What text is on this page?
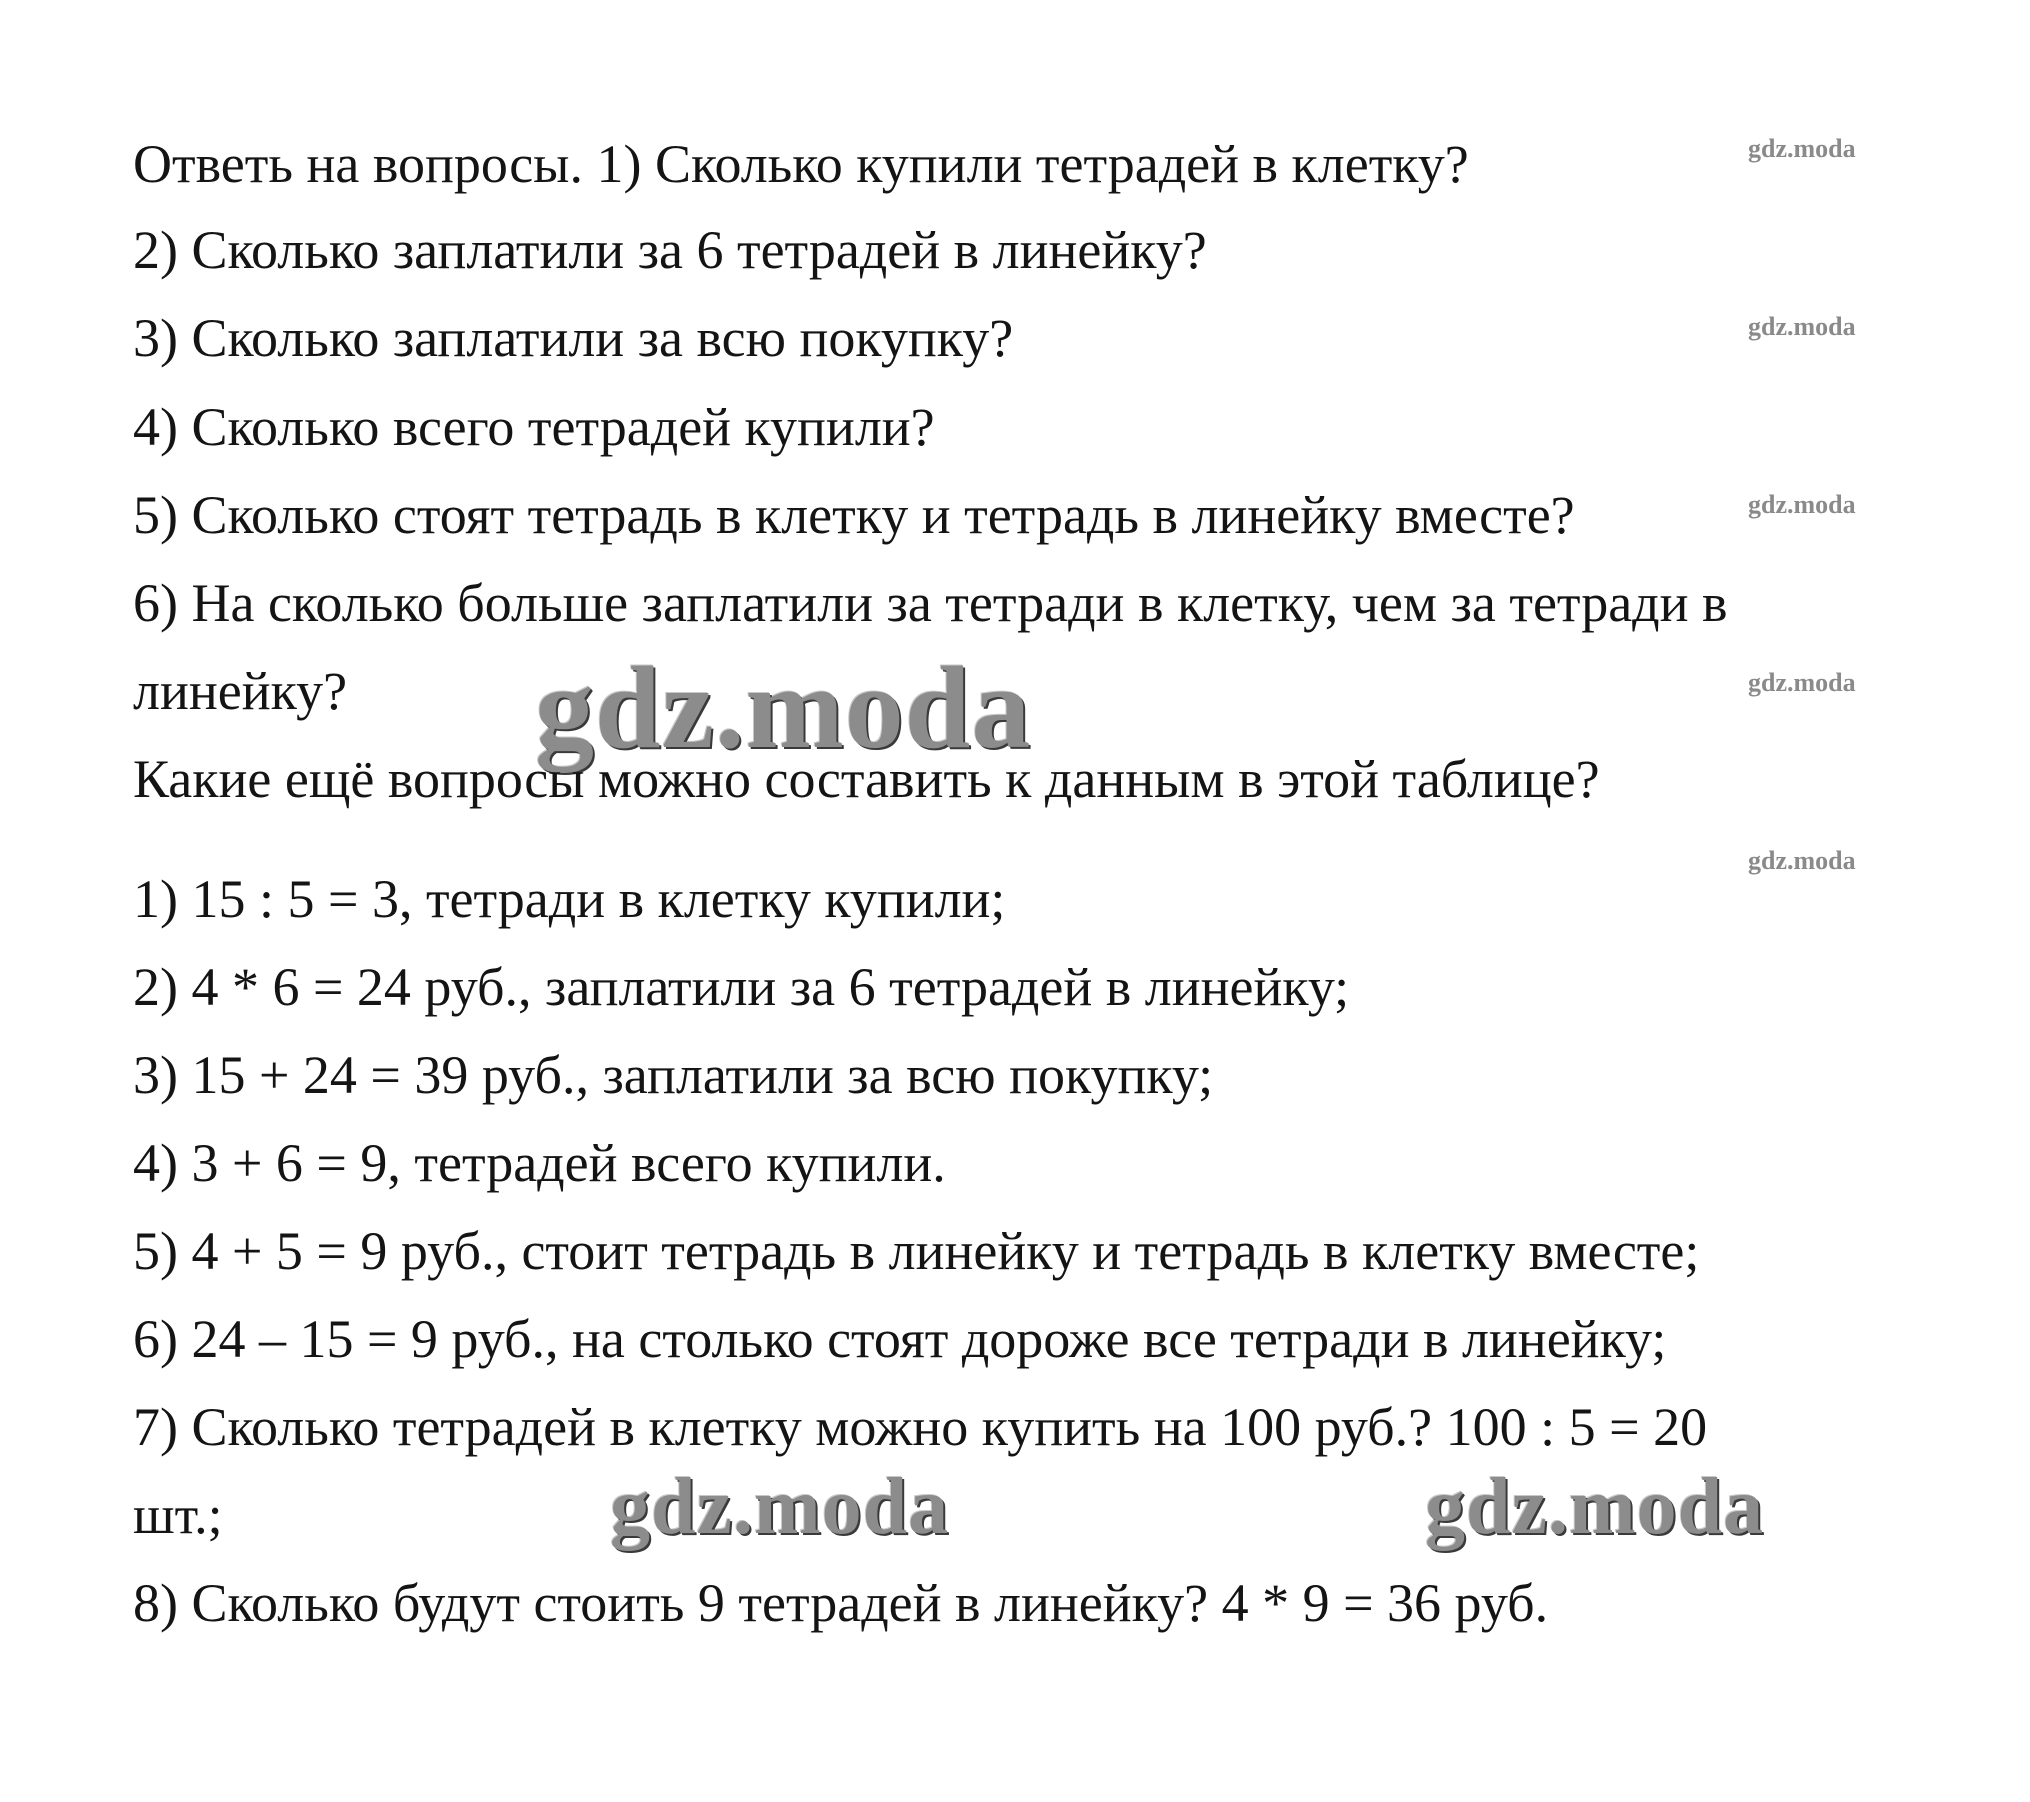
gdz.moda
gdz.moda
gdz.moda
gdz.moda
gdz.moda
gdz.moda
gdz.moda	gdz.moda
Ответь на вопросы. 1) Сколько купили тетрадей в клетку?
2) Сколько заплатили за 6 тетрадей в линейку?
3) Сколько заплатили за всю покупку?
4) Сколько всего тетрадей купили?
5) Сколько стоят тетрадь в клетку и тетрадь в линейку вместе?
6) На сколько больше заплатили за тетради в клетку, чем за тетради в
линейку?
Какие ещё вопросы можно составить к данным в этой таблице?
1) 15 : 5 = 3, тетради в клетку купили;
2) 4 * 6 = 24 руб., заплатили за 6 тетрадей в линейку;
3) 15 + 24 = 39 руб., заплатили за всю покупку;
4) 3 + 6 = 9, тетрадей всего купили.
5) 4 + 5 = 9 руб., стоит тетрадь в линейку и тетрадь в клетку вместе;
6) 24 – 15 = 9 руб., на столько стоят дороже все тетради в линейку;
7) Сколько тетрадей в клетку можно купить на 100 руб.? 100 : 5 = 20
шт.;
8) Сколько будут стоить 9 тетрадей в линейку? 4 * 9 = 36 руб.
